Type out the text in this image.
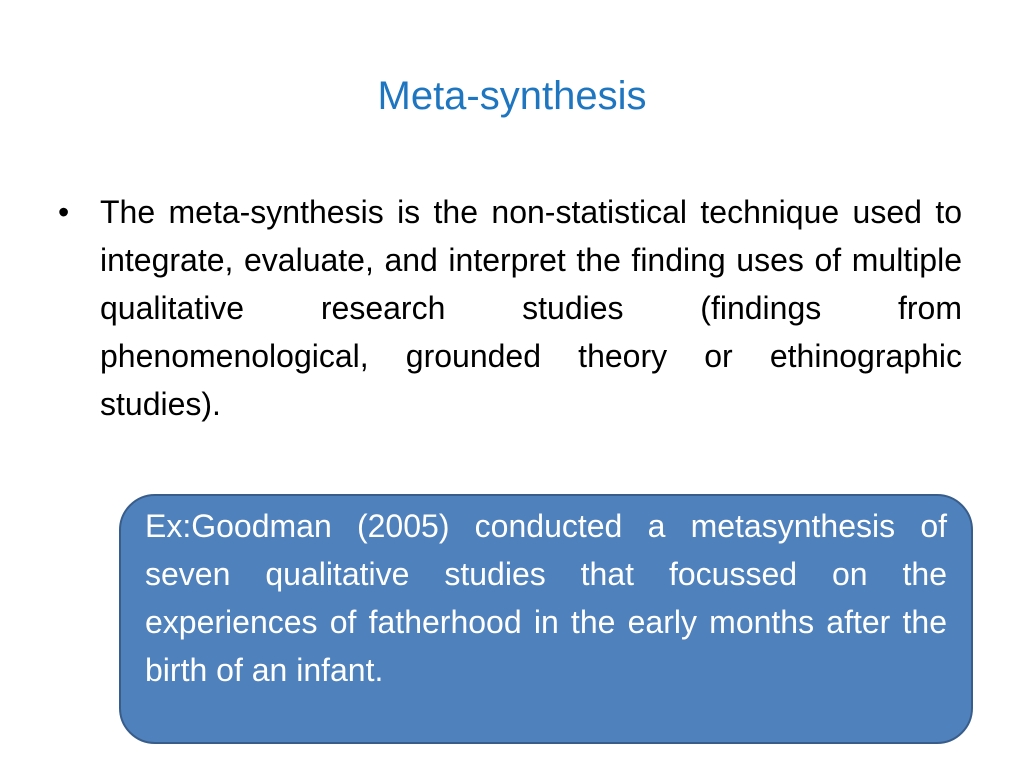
Meta-synthesis
• The meta-synthesis is the non-statistical technique used to integrate, evaluate, and interpret the finding uses of multiple qualitative research studies (findings from phenomenological, grounded theory or ethinographic studies).
Ex:Goodman (2005) conducted a metasynthesis of seven qualitative studies that focussed on the experiences of fatherhood in the early months after the birth of an infant.
